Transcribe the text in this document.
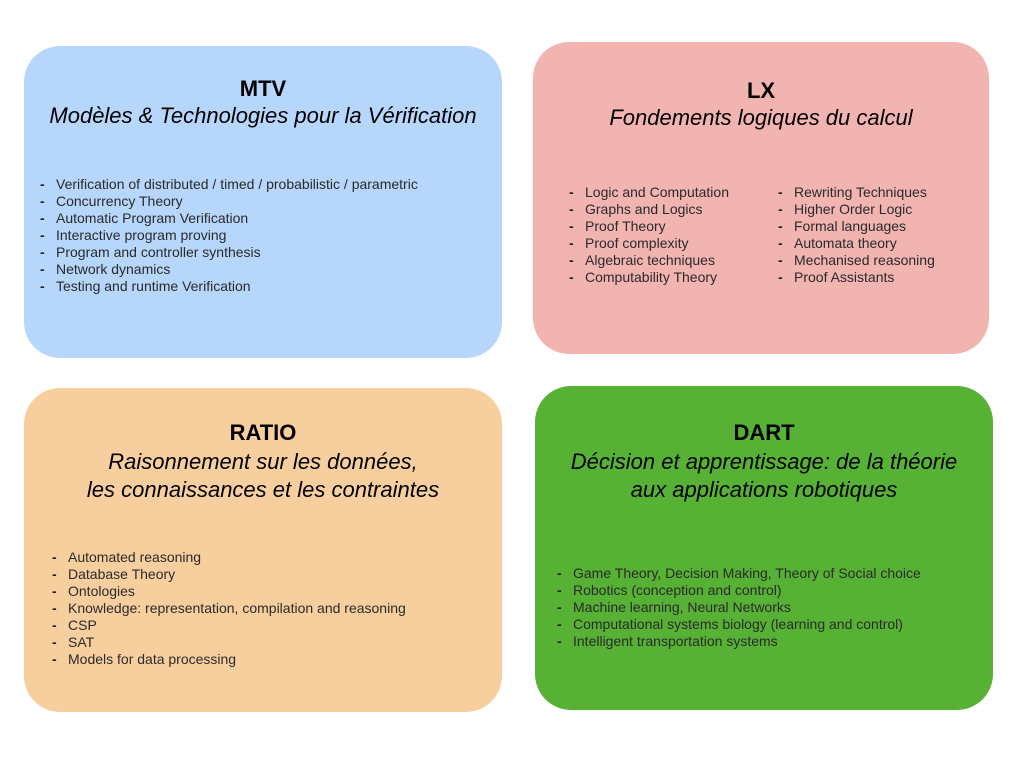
MTV
Modèles & Technologies pour la Vérification
- Verification of distributed / timed / probabilistic / parametric
- Concurrency Theory
- Automatic Program Verification
- Interactive program proving
- Program and controller synthesis
- Network dynamics
- Testing and runtime Verification
LX
Fondements logiques du calcul
- Logic and Computation
- Graphs and Logics
- Proof Theory
- Proof complexity
- Algebraic techniques
- Computability Theory
- Rewriting Techniques
- Higher Order Logic
- Formal languages
- Automata theory
- Mechanised reasoning
- Proof Assistants
RATIO
Raisonnement sur les données,
les connaissances et les contraintes
- Automated reasoning
- Database Theory
- Ontologies
- Knowledge: representation, compilation and reasoning
- CSP
- SAT
- Models for data processing
DART
Décision et apprentissage: de la théorie
aux applications robotiques
- Game Theory, Decision Making, Theory of Social choice
- Robotics (conception and control)
- Machine learning, Neural Networks
- Computational systems biology (learning and control)
- Intelligent transportation systems
